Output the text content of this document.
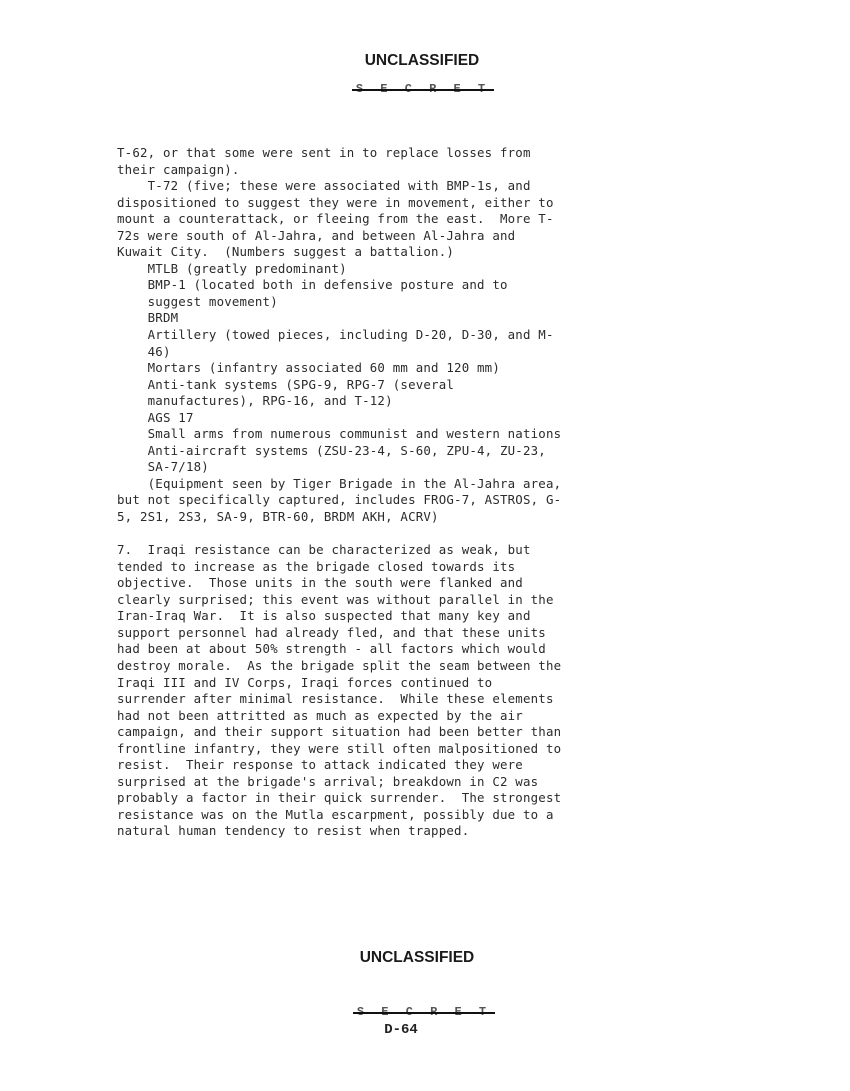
UNCLASSIFIED
S E C R E T
T-62, or that some were sent in to replace losses from
their campaign).
T-72 (five; these were associated with BMP-1s, and
dispositioned to suggest they were in movement, either to
mount a counterattack, or fleeing from the east.  More T-
72s were south of Al-Jahra, and between Al-Jahra and
Kuwait City.  (Numbers suggest a battalion.)
MTLB (greatly predominant)
BMP-1 (located both in defensive posture and to
suggest movement)
BRDM
Artillery (towed pieces, including D-20, D-30, and M-
46)
Mortars (infantry associated 60 mm and 120 mm)
Anti-tank systems (SPG-9, RPG-7 (several
manufactures), RPG-16, and T-12)
AGS 17
Small arms from numerous communist and western nations
Anti-aircraft systems (ZSU-23-4, S-60, ZPU-4, ZU-23,
SA-7/18)
(Equipment seen by Tiger Brigade in the Al-Jahra area,
but not specifically captured, includes FROG-7, ASTROS, G-
5, 2S1, 2S3, SA-9, BTR-60, BRDM AKH, ACRV)
7.  Iraqi resistance can be characterized as weak, but
tended to increase as the brigade closed towards its
objective.  Those units in the south were flanked and
clearly surprised; this event was without parallel in the
Iran-Iraq War.  It is also suspected that many key and
support personnel had already fled, and that these units
had been at about 50% strength - all factors which would
destroy morale.  As the brigade split the seam between the
Iraqi III and IV Corps, Iraqi forces continued to
surrender after minimal resistance.  While these elements
had not been attritted as much as expected by the air
campaign, and their support situation had been better than
frontline infantry, they were still often malpositioned to
resist.  Their response to attack indicated they were
surprised at the brigade's arrival; breakdown in C2 was
probably a factor in their quick surrender.  The strongest
resistance was on the Mutla escarpment, possibly due to a
natural human tendency to resist when trapped.
UNCLASSIFIED
S E C R E T
D-64
